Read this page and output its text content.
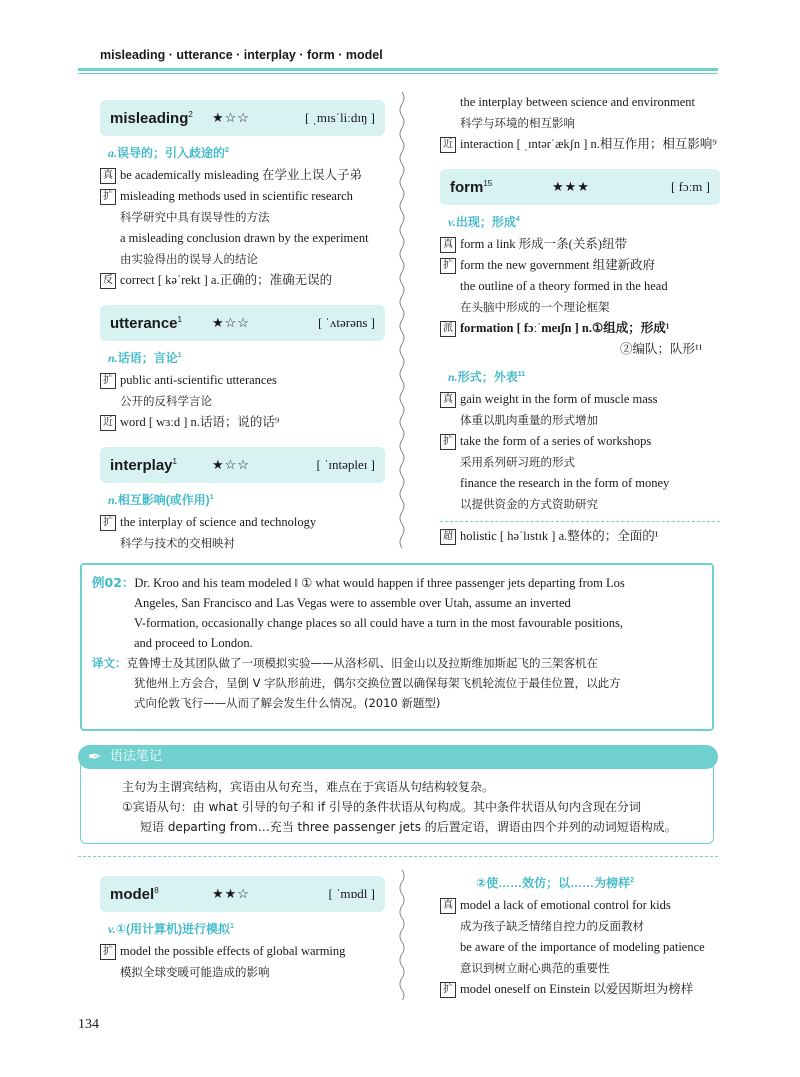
misleading · utterance · interplay · form · model
misleading$^2$ ★☆☆	[ ˌmɪsˈliːdɪŋ ]
a.误导的；引入歧途的$^2$
真 be academically misleading 在学业上误人子弟
扩 misleading methods used in scientific research
科学研究中具有误导性的方法
a misleading conclusion drawn by the experiment
由实验得出的误导人的结论
反 correct [ kəˈrekt ] a.正确的；准确无误的
utterance$^1$ ★☆☆	[ ˈʌtərəns ]
n.话语；言论$^1$
扩 public anti-scientific utterances
公开的反科学言论
近 word [ wɜːd ] n.话语；说的话⁹
interplay$^1$	★☆☆	[ ˈɪntəpleɪ ]
n.相互影响(或作用)$^1$
扩 the interplay of science and technology
科学与技术的交相映衬
the interplay between science and environment
科学与环境的相互影响
近 interaction [ ˌɪntərˈækʃn ] n.相互作用；相互影响⁹
form$^{15}$	★★★	[ fɔːm ]
v.出现；形成$^4$
真 form a link 形成一条(关系)纽带
扩 form the new government 组建新政府
the outline of a theory formed in the head
在头脑中形成的一个理论框架
派 formation [ fɔːˈmeɪʃn ] n.①组成；形成¹
②编队；队形¹¹
n.形式；外表$^{11}$
真 gain weight in the form of muscle mass
体重以肌肉重量的形式增加
扩 take the form of a series of workshops
采用系列研习班的形式
finance the research in the form of money
以提供资金的方式资助研究
超 holistic [ həˈlɪstɪk ] a.整体的；全面的¹
例02：Dr. Kroo and his team modeled ‖ ① what would happen if three passenger jets departing from Los
Angeles, San Francisco and Las Vegas were to assemble over Utah, assume an inverted
V-formation, occasionally change places so all could have a turn in the most favourable positions,
and proceed to London.
译文：克鲁博士及其团队做了一项模拟实验——从洛杉矶、旧金山以及拉斯维加斯起飞的三架客机在
犹他州上方会合，呈倒 V 字队形前进，偶尔交换位置以确保每架飞机轮流位于最佳位置，以此方
式向伦敦飞行——从而了解会发生什么情况。(2010 新题型)
✒ 语法笔记
主句为主谓宾结构，宾语由从句充当，难点在于宾语从句结构较复杂。
①宾语从句：由 what 引导的句子和 if 引导的条件状语从句构成。其中条件状语从句内含现在分词
短语 departing from…充当 three passenger jets 的后置定语，谓语由四个并列的动词短语构成。
model$^8$	★★☆	[ ˈmɒdl ]
v.①(用计算机)进行模拟$^1$
扩 model the possible effects of global warming
模拟全球变暖可能造成的影响
②使……效仿；以……为榜样$^2$
真 model a lack of emotional control for kids
成为孩子缺乏情绪自控力的反面教材
be aware of the importance of modeling patience
意识到树立耐心典范的重要性
扩 model oneself on Einstein 以爱因斯坦为榜样
134
